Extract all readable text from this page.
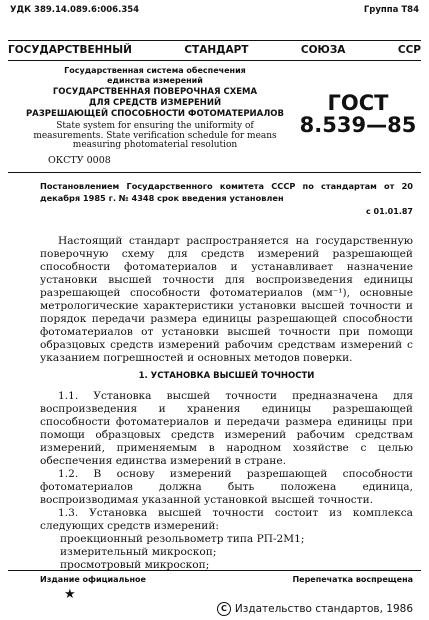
УДК 389.14.089.6:006.354	Группа Т84
ГОСУДАРСТВЕННЫЙ	СТАНДАРТ	СОЮЗА	ССР
Государственная система обеспечения
единства измерений
ГОСУДАРСТВЕННАЯ ПОВЕРОЧНАЯ СХЕМА
ДЛЯ СРЕДСТВ ИЗМЕРЕНИЙ
РАЗРЕШАЮЩЕЙ СПОСОБНОСТИ ФОТОМАТЕРИАЛОВ
State system for ensuring the uniformity of
measurements. State verification schedule for means
measuring photomaterial resolution
ГОСТ
8.539—85
ОКСТУ 0008
Постановлением Государственного комитета СССР по стандартам от 20 декабря 1985 г. № 4348 срок введения установлен
с 01.01.87
Настоящий стандарт распространяется на государственную поверочную схему для средств измерений разрешающей способности фотоматериалов и устанавливает назначение установки высшей точности для воспроизведения единицы разрешающей способности фотоматериалов (мм⁻¹), основные метрологические характеристики установки высшей точности и порядок передачи размера единицы разрешающей способности фотоматериалов от установки высшей точности при помощи образцовых средств измерений рабочим средствам измерений с указанием погрешностей и основных методов поверки.
1. УСТАНОВКА ВЫСШЕЙ ТОЧНОСТИ

1.1. Установка высшей точности предназначена для воспроизведения и хранения единицы разрешающей способности фотоматериалов и передачи размера единицы при помощи образцовых средств измерений рабочим средствам измерений, применяемым в народном хозяйстве с целью обеспечения единства измерений в стране.

1.2. В основу измерений разрешающей способности фотоматериалов должна быть положена единица, воспроизводимая указанной установкой высшей точности.

1.3. Установка высшей точности состоит из комплекса следующих средств измерений:

проекционный резольвометр типа РП-2М1;

измерительный микроскоп;

просмотровый микроскоп;

Издание официальное	Перепечатка воспрещена
★
C Издательство стандартов, 1986
